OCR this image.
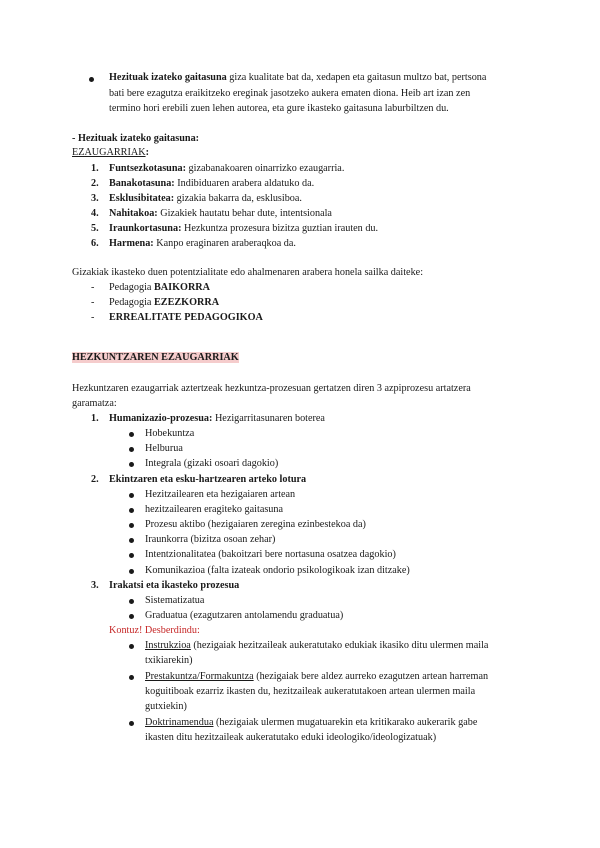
Hezituak izateko gaitasuna giza kualitate bat da, xedapen eta gaitasun multzo bat, pertsona
bati bere ezagutza eraikitzeko ereginak jasotzeko aukera ematen diona. Heib art izan zen
termino hori erebili zuen lehen autorea, eta gure ikasteko gaitasuna laburbiltzen du.
- Hezituak izateko gaitasuna:
EZAUGARRIAK:
1. Funtsezkotasuna: gizabanakoaren oinarrizko ezaugarria.
2. Banakotasuna: Indibiduaren arabera aldatuko da.
3. Esklusibitatea: gizakia bakarra da, esklusiboa.
4. Nahitakoa: Gizakiek hautatu behar dute, intentsionala
5. Iraunkortasuna: Hezkuntza prozesura bizitza guztian irauten du.
6. Harmena: Kanpo eraginaren araberaqkoa da.
Gizakiak ikasteko duen potentzialitate edo ahalmenaren arabera honela sailka daiteke:
- Pedagogia BAIKORRA
- Pedagogia EZEZKORRA
- ERREALITATE PEDAGOGIKOA
HEZKUNTZAREN EZAUGARRIAK
Hezkuntzaren ezaugarriak aztertzeak hezkuntza-prozesuan gertatzen diren 3 azpiprozesu artatzera
garamatza:
1. Humanizazio-prozesua: Hezigarritasunaren boterea
Hobekuntza
Helburua
Integrala (gizaki osoari dagokio)
2. Ekintzaren eta esku-hartzearen arteko lotura
Hezitzailearen eta hezigaiaren artean
hezitzailearen eragiteko gaitasuna
Prozesu aktibo (hezigaiaren zereginа ezinbestekoa da)
Iraunkorra (bizitza osoan zehar)
Intentzionalitatea (bakoitzari bere nortasuna osatzea dagokio)
Komunikazioa (falta izateak ondorio psikologikoak izan ditzake)
3. Irakatsi eta ikasteko prozesua
Sistematizatua
Graduatua (ezagutzaren antolamendu graduatua)
Kontuz! Desberdindu:
Instrukzioa (hezigaiak hezitzaileak aukeratutako edukiak ikasiko ditu ulermen maila
txikiarekin)
Prestakuntza/Formakuntza (hezigaiak bere aldez aurreko ezagutzen artean harreman
koguitiboak ezarriz ikasten du, hezitzaileak aukeratutakoen artean ulermen maila
gutxiekin)
Doktrinamendua (hezigaiak ulermen mugatuarekin eta kritikarako aukerarik gabe
ikasten ditu hezitzaileak aukeratutako eduki ideologiko/ideologizatuak)
